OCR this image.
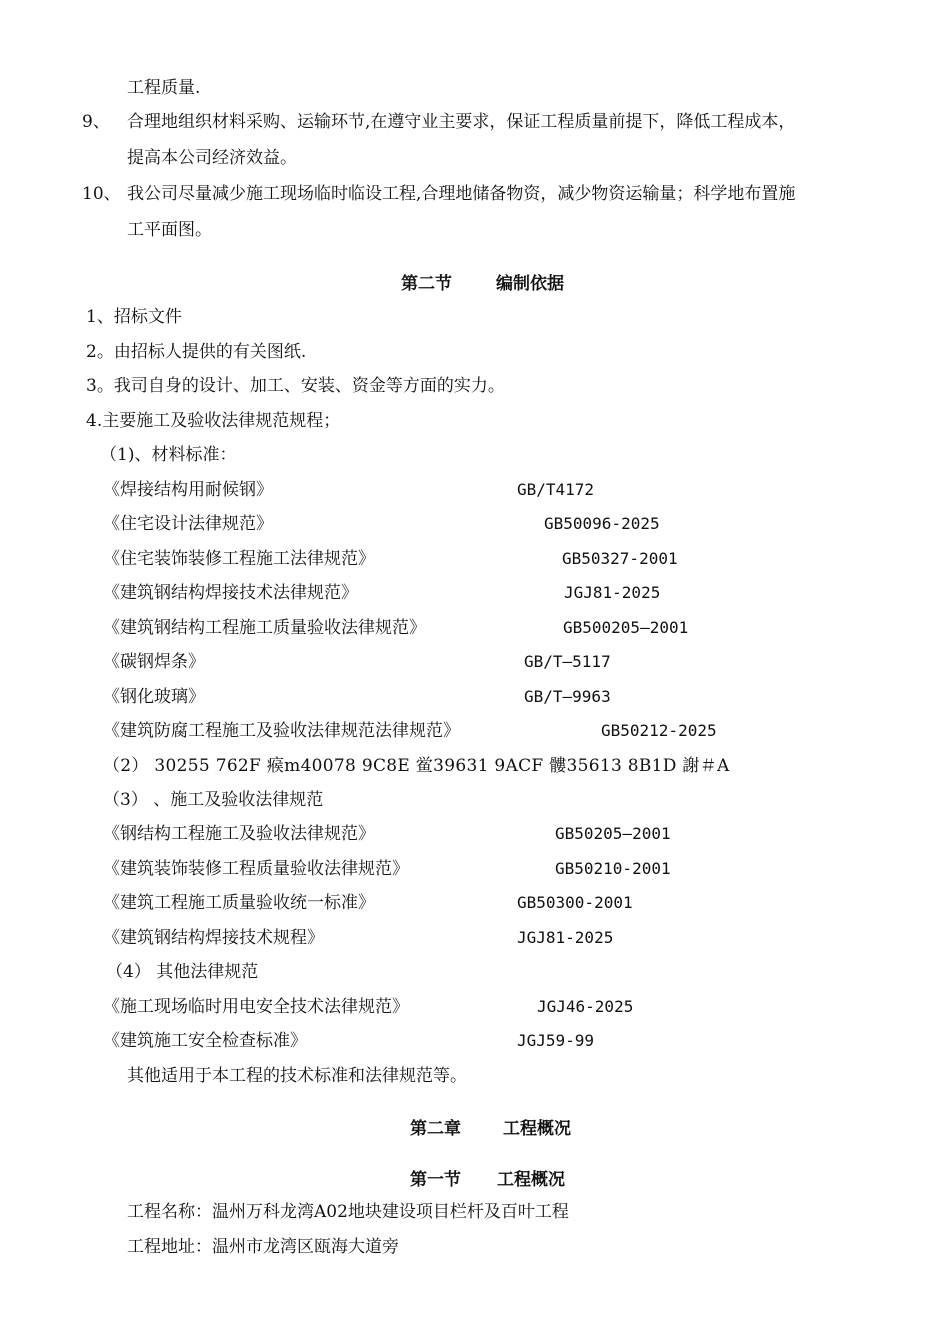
工程质量.
9、 合理地组织材料采购、运输环节,在遵守业主要求，保证工程质量前提下，降低工程成本，
提高本公司经济效益。
10、 我公司尽量减少施工现场临时临设工程,合理地储备物资，减少物资运输量；科学地布置施
工平面图。
第二节	编制依据
1、招标文件
2。由招标人提供的有关图纸.
3。我司自身的设计、加工、安装、资金等方面的实力。
4.主要施工及验收法律规范规程；
（1)、材料标准：
《焊接结构用耐候钢》	GB/T4172
《住宅设计法律规范》	GB50096-2025
《住宅装饰装修工程施工法律规范》	GB50327-2001
《建筑钢结构焊接技术法律规范》	JGJ81-2025
《建筑钢结构工程施工质量验收法律规范》	GB500205—2001
《碳钢焊条》	GB/T—5117
《钢化玻璃》	GB/T—9963
《建筑防腐工程施工及验收法律规范法律规范》	GB50212-2025
（2） 30255 762F 瘊m40078 9C8E 鲎39631 9ACF 髏35613 8B1D 謝＃A
（3） 、施工及验收法律规范
《钢结构工程施工及验收法律规范》	GB50205—2001
《建筑装饰装修工程质量验收法律规范》	GB50210-2001
《建筑工程施工质量验收统一标准》	GB50300-2001
《建筑钢结构焊接技术规程》	JGJ81-2025
（4） 其他法律规范
《施工现场临时用电安全技术法律规范》	JGJ46-2025
《建筑施工安全检查标准》	JGJ59-99
其他适用于本工程的技术标准和法律规范等。
第二章 工程概况
第一节 工程概况
工程名称：温州万科龙湾A02地块建设项目栏杆及百叶工程
工程地址：温州市龙湾区瓯海大道旁
